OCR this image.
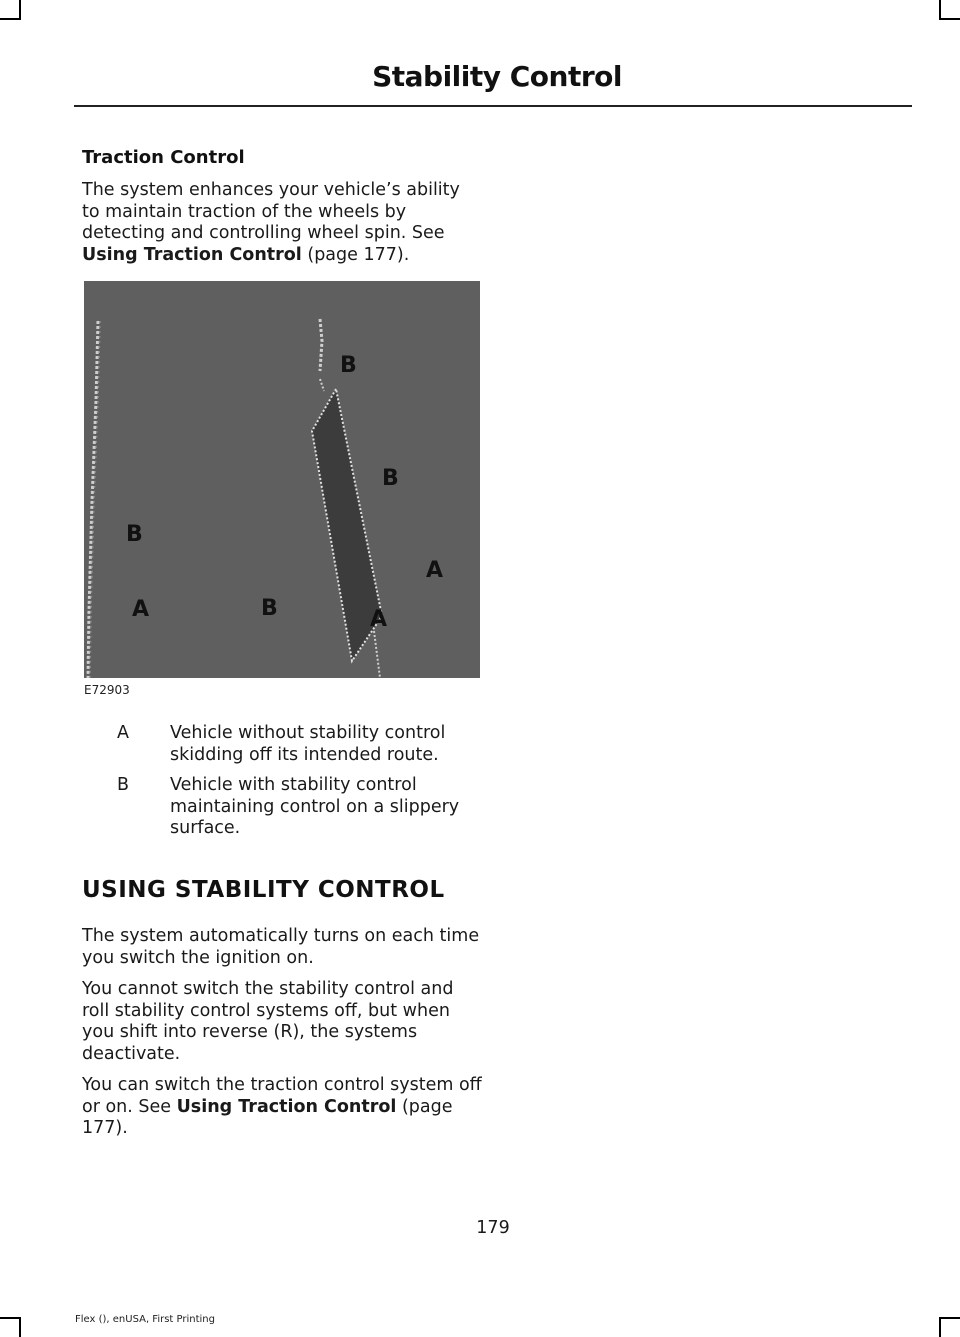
Stability Control
Traction Control

The system enhances your vehicle’s ability to maintain traction of the wheels by detecting and controlling wheel spin. See Using Traction Control (page 177).

B
B
B
A
A	B	A
E72903
A Vehicle without stability control skidding off its intended route.
B Vehicle with stability control maintaining control on a slippery surface.
USING STABILITY CONTROL

The system automatically turns on each time you switch the ignition on.

You cannot switch the stability control and roll stability control systems off, but when you shift into reverse (R), the systems deactivate.

You can switch the traction control system off or on. See Using Traction Control (page 177).

179
Flex (), enUSA, First Printing
